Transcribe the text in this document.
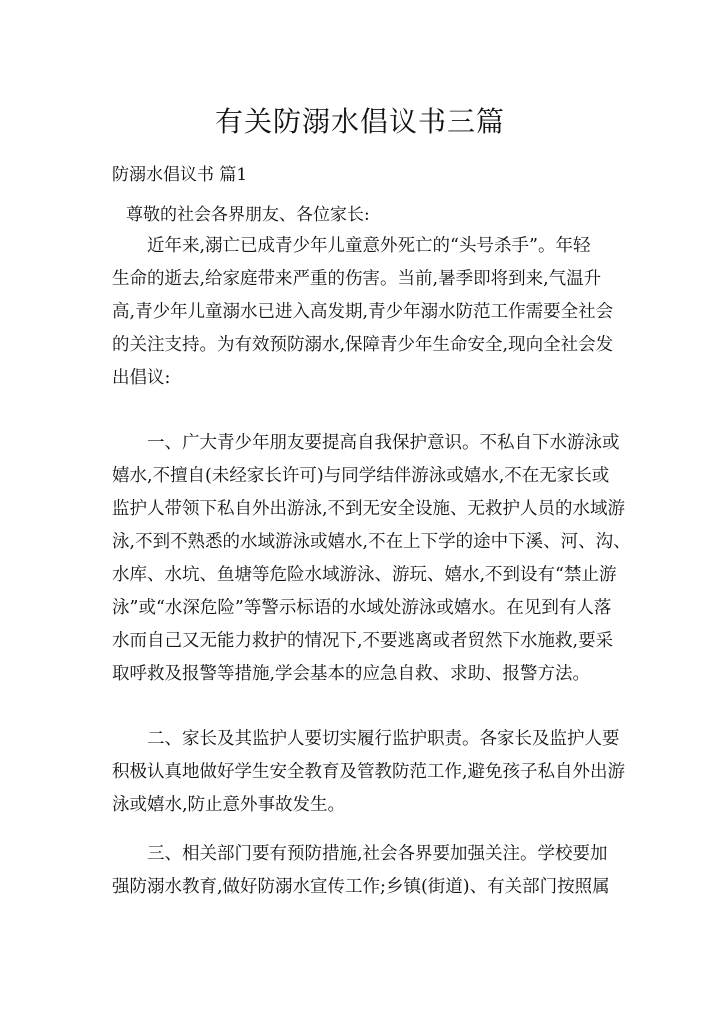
有关防溺水倡议书三篇
防溺水倡议书 篇1
尊敬的社会各界朋友、各位家长:
　　近年来,溺亡已成青少年儿童意外死亡的“头号杀手”。年轻
生命的逝去,给家庭带来严重的伤害。当前,暑季即将到来,气温升
高,青少年儿童溺水已进入高发期,青少年溺水防范工作需要全社会
的关注支持。为有效预防溺水,保障青少年生命安全,现向全社会发
出倡议:
　　一、广大青少年朋友要提高自我保护意识。不私自下水游泳或
嬉水,不擅自(未经家长许可)与同学结伴游泳或嬉水,不在无家长或
监护人带领下私自外出游泳,不到无安全设施、无救护人员的水域游
泳,不到不熟悉的水域游泳或嬉水,不在上下学的途中下溪、河、沟、
水库、水坑、鱼塘等危险水域游泳、游玩、嬉水,不到设有“禁止游
泳”或“水深危险”等警示标语的水域处游泳或嬉水。在见到有人落
水而自己又无能力救护的情况下,不要逃离或者贸然下水施救,要采
取呼救及报警等措施,学会基本的应急自救、求助、报警方法。
　　二、家长及其监护人要切实履行监护职责。各家长及监护人要
积极认真地做好学生安全教育及管教防范工作,避免孩子私自外出游
泳或嬉水,防止意外事故发生。
　　三、相关部门要有预防措施,社会各界要加强关注。学校要加
强防溺水教育,做好防溺水宣传工作;乡镇(街道)、有关部门按照属
